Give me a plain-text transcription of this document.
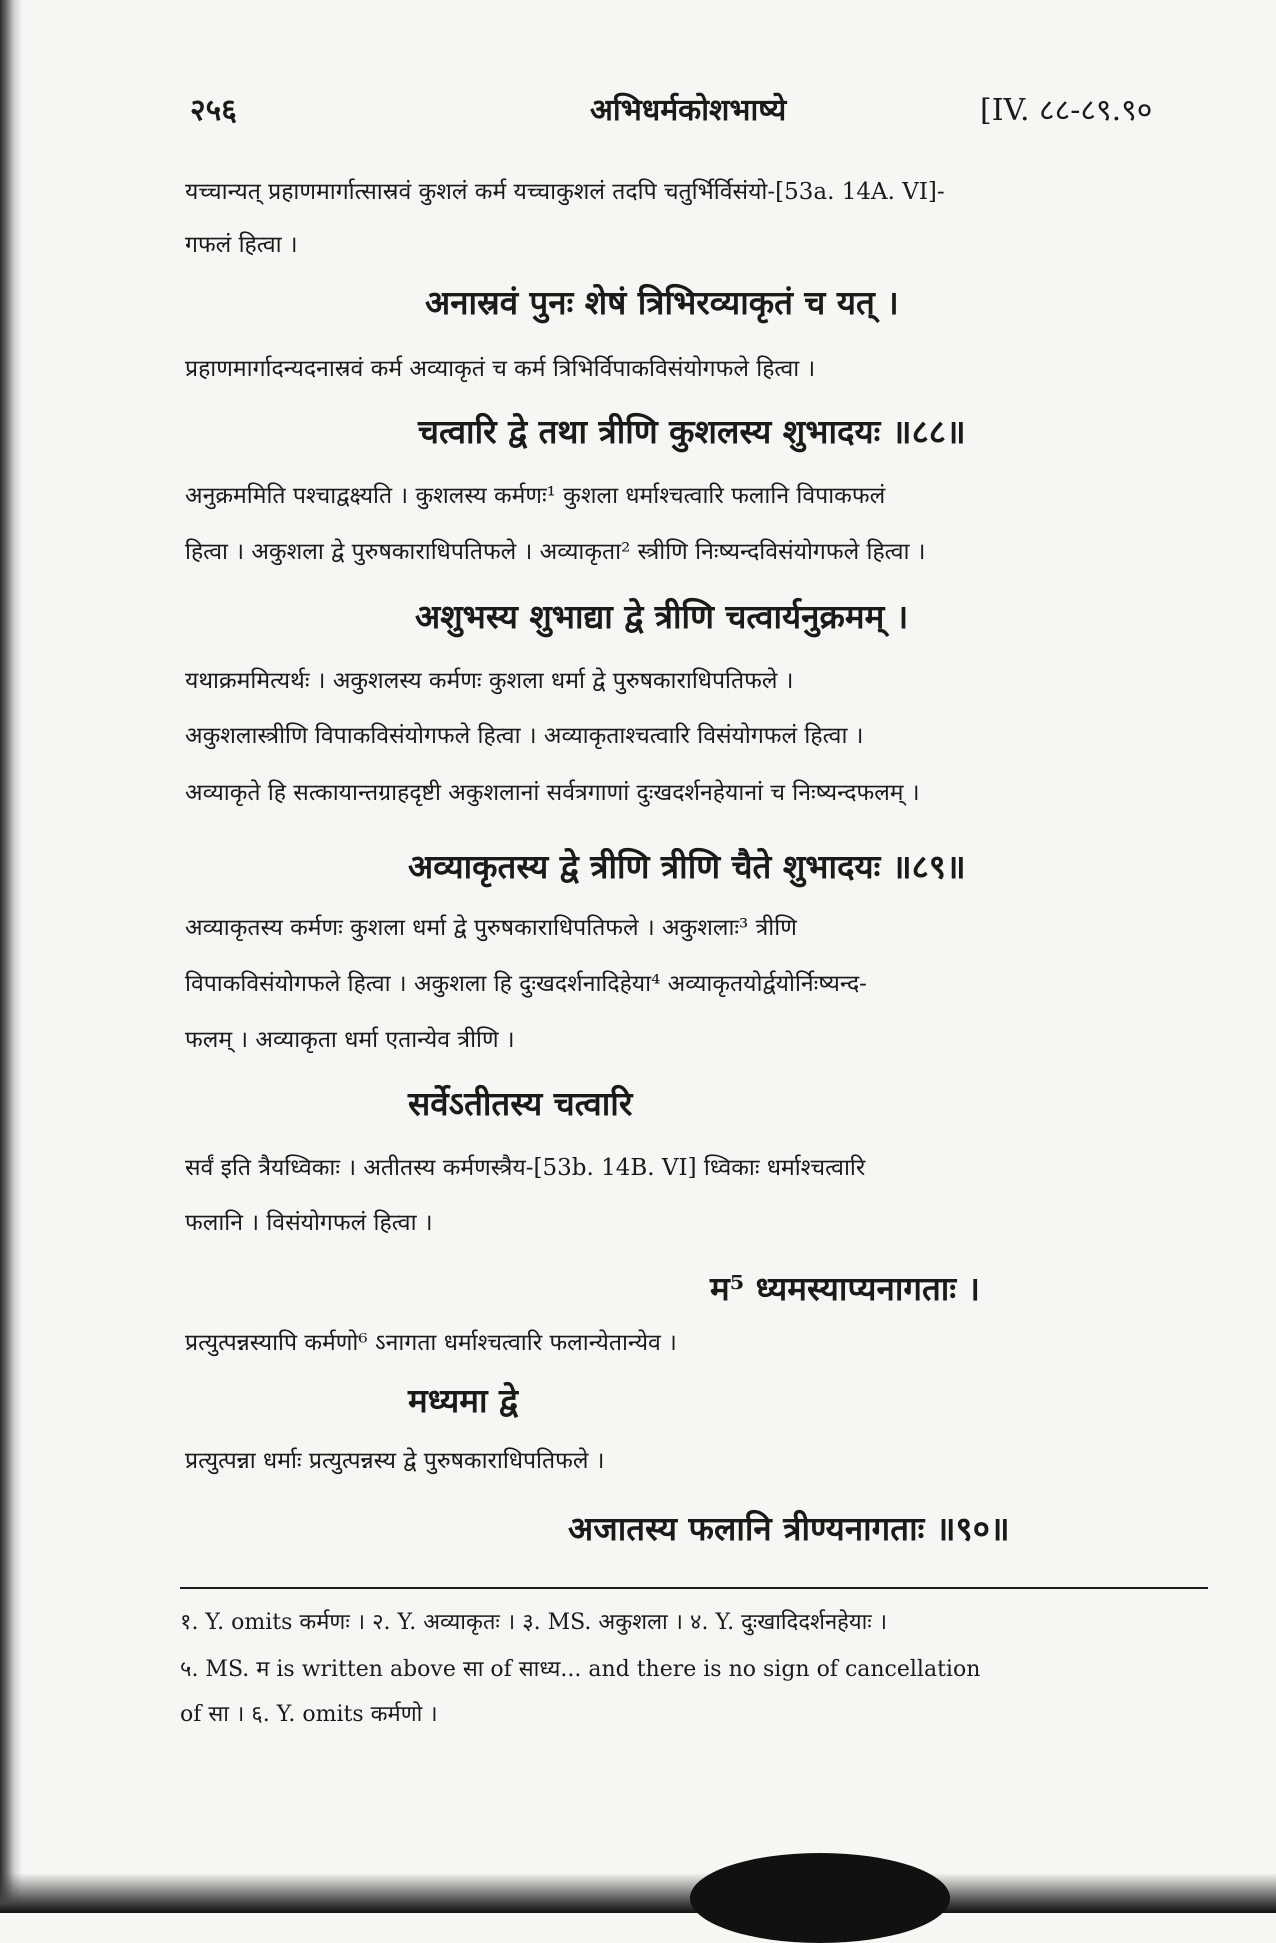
२५६	अभिधर्मकोशभाष्ये	[IV. ८८-८९.९०
यच्चान्यत् प्रहाणमार्गात्सास्रवं कुशलं कर्म यच्चाकुशलं तदपि चतुर्भिर्विसंयो-[53a. 14A. VI]-
गफलं हित्वा ।
अनास्रवं पुनः शेषं त्रिभिरव्याकृतं च यत् ।
प्रहाणमार्गादन्यदनास्रवं कर्म अव्याकृतं च कर्म त्रिभिर्विपाकविसंयोगफले हित्वा ।
चत्वारि द्वे तथा त्रीणि कुशलस्य शुभादयः ॥८८॥
अनुक्रममिति पश्चाद्वक्ष्यति । कुशलस्य कर्मणः¹ कुशला धर्माश्चत्वारि फलानि विपाकफलं
हित्वा । अकुशला द्वे पुरुषकाराधिपतिफले । अव्याकृता² स्त्रीणि निःष्यन्दविसंयोगफले हित्वा ।
अशुभस्य शुभाद्या द्वे त्रीणि चत्वार्यनुक्रमम् ।
यथाक्रममित्यर्थः । अकुशलस्य कर्मणः कुशला धर्मा द्वे पुरुषकाराधिपतिफले ।
अकुशलास्त्रीणि विपाकविसंयोगफले हित्वा । अव्याकृताश्चत्वारि विसंयोगफलं हित्वा ।
अव्याकृते हि सत्कायान्तग्राहदृष्टी अकुशलानां सर्वत्रगाणां दुःखदर्शनहेयानां च निःष्यन्दफलम् ।
अव्याकृतस्य द्वे त्रीणि त्रीणि चैते शुभादयः ॥८९॥
अव्याकृतस्य कर्मणः कुशला धर्मा द्वे पुरुषकाराधिपतिफले । अकुशलाः³ त्रीणि
विपाकविसंयोगफले हित्वा । अकुशला हि दुःखदर्शनादिहेया⁴ अव्याकृतयोर्द्वयोर्निःष्यन्द-
फलम् । अव्याकृता धर्मा एतान्येव त्रीणि ।
सर्वेऽतीतस्य चत्वारि
सर्वं इति त्रैयध्विकाः । अतीतस्य कर्मणस्त्रैय-[53b. 14B. VI] ध्विकाः धर्माश्चत्वारि
फलानि । विसंयोगफलं हित्वा ।
म⁵ ध्यमस्याप्यनागताः ।
प्रत्युत्पन्नस्यापि कर्मणो⁶ ऽनागता धर्माश्चत्वारि फलान्येतान्येव ।
मध्यमा द्वे
प्रत्युत्पन्ना धर्माः प्रत्युत्पन्नस्य द्वे पुरुषकाराधिपतिफले ।
अजातस्य फलानि त्रीण्यनागताः ॥९०॥
१. Y. omits कर्मणः । २. Y. अव्याकृतः । ३. MS. अकुशला । ४. Y. दुःखादिदर्शनहेयाः ।
५. MS. म is written above सा of साध्य... and there is no sign of cancellation
of सा । ६. Y. omits कर्मणो ।
